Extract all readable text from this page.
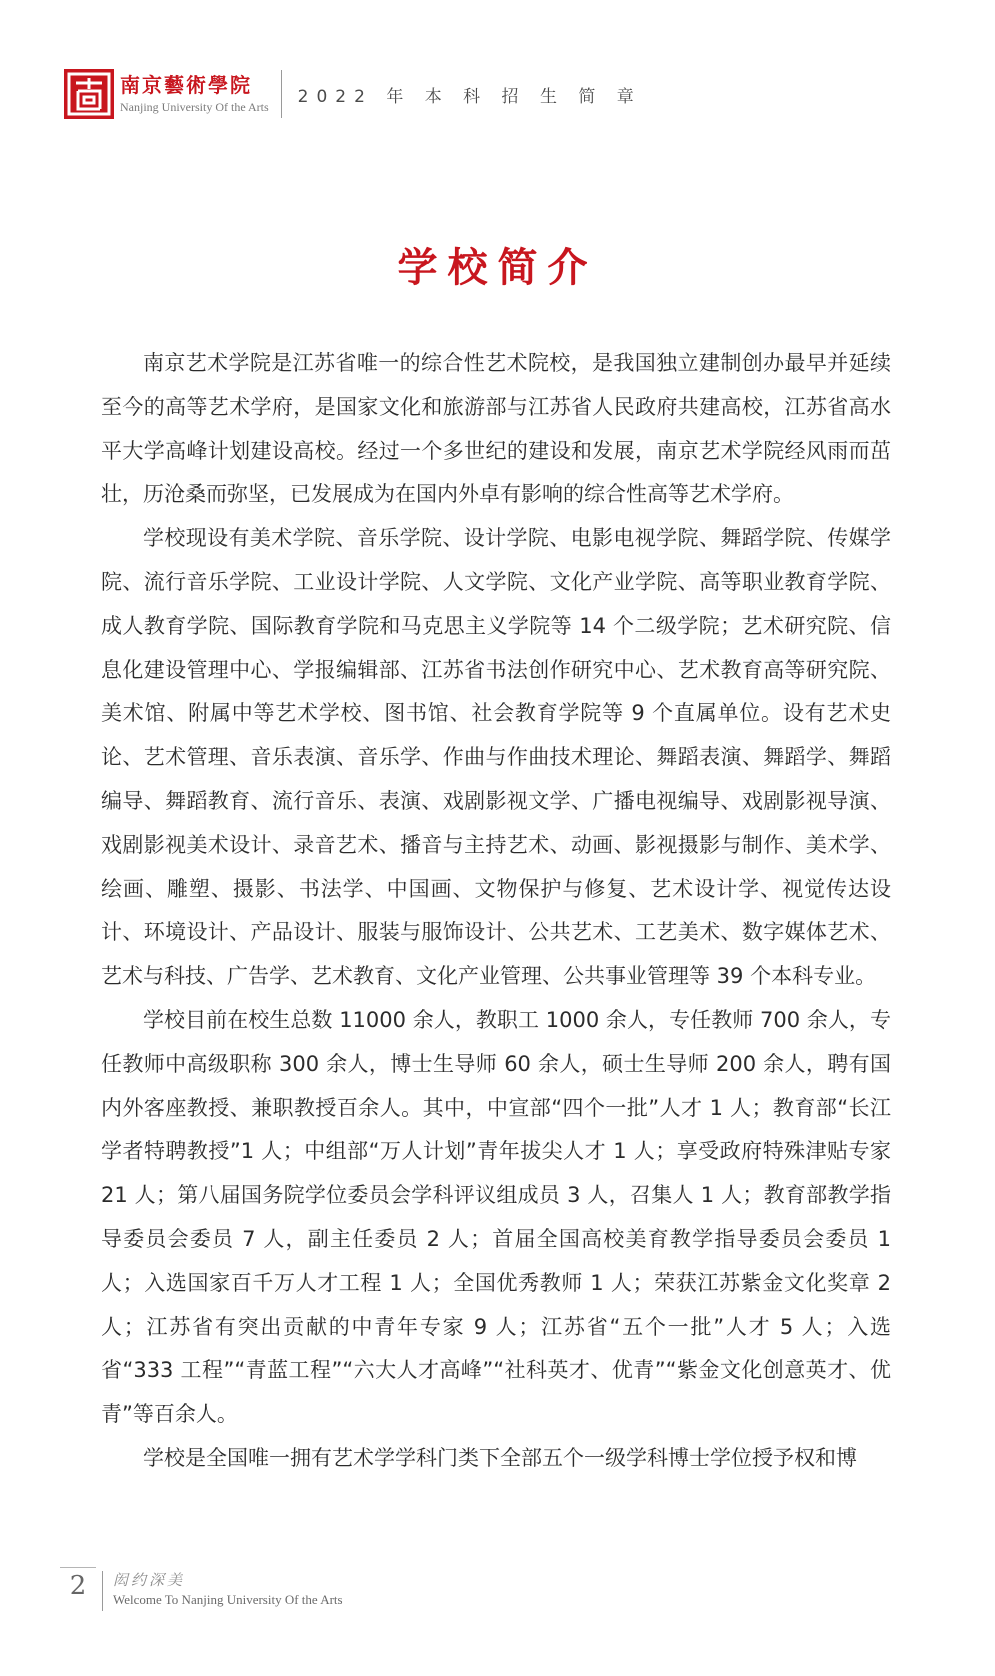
南京藝術學院
Nanjing University Of the Arts
2022 年 本 科 招 生 简 章
学校简介

南京艺术学院是江苏省唯一的综合性艺术院校，是我国独立建制创办最早并延续至今的高等艺术学府，是国家文化和旅游部与江苏省人民政府共建高校，江苏省高水平大学高峰计划建设高校。经过一个多世纪的建设和发展，南京艺术学院经风雨而茁壮，历沧桑而弥坚，已发展成为在国内外卓有影响的综合性高等艺术学府。

学校现设有美术学院、音乐学院、设计学院、电影电视学院、舞蹈学院、传媒学院、流行音乐学院、工业设计学院、人文学院、文化产业学院、高等职业教育学院、成人教育学院、国际教育学院和马克思主义学院等 14 个二级学院；艺术研究院、信息化建设管理中心、学报编辑部、江苏省书法创作研究中心、艺术教育高等研究院、美术馆、附属中等艺术学校、图书馆、社会教育学院等 9 个直属单位。设有艺术史论、艺术管理、音乐表演、音乐学、作曲与作曲技术理论、舞蹈表演、舞蹈学、舞蹈编导、舞蹈教育、流行音乐、表演、戏剧影视文学、广播电视编导、戏剧影视导演、戏剧影视美术设计、录音艺术、播音与主持艺术、动画、影视摄影与制作、美术学、绘画、雕塑、摄影、书法学、中国画、文物保护与修复、艺术设计学、视觉传达设计、环境设计、产品设计、服装与服饰设计、公共艺术、工艺美术、数字媒体艺术、艺术与科技、广告学、艺术教育、文化产业管理、公共事业管理等 39 个本科专业。

学校目前在校生总数 11000 余人，教职工 1000 余人，专任教师 700 余人，专任教师中高级职称 300 余人，博士生导师 60 余人，硕士生导师 200 余人，聘有国内外客座教授、兼职教授百余人。其中，中宣部“四个一批”人才 1 人；教育部“长江学者特聘教授”1 人；中组部“万人计划”青年拔尖人才 1 人；享受政府特殊津贴专家 21 人；第八届国务院学位委员会学科评议组成员 3 人，召集人 1 人；教育部教学指导委员会委员 7 人，副主任委员 2 人；首届全国高校美育教学指导委员会委员 1 人；入选国家百千万人才工程 1 人；全国优秀教师 1 人；荣获江苏紫金文化奖章 2 人；江苏省有突出贡献的中青年专家 9 人；江苏省“五个一批”人才 5 人；入选省“333 工程”“青蓝工程”“六大人才高峰”“社科英才、优青”“紫金文化创意英才、优青”等百余人。

学校是全国唯一拥有艺术学学科门类下全部五个一级学科博士学位授予权和博

2	闳约深美
Welcome To Nanjing University Of the Arts
